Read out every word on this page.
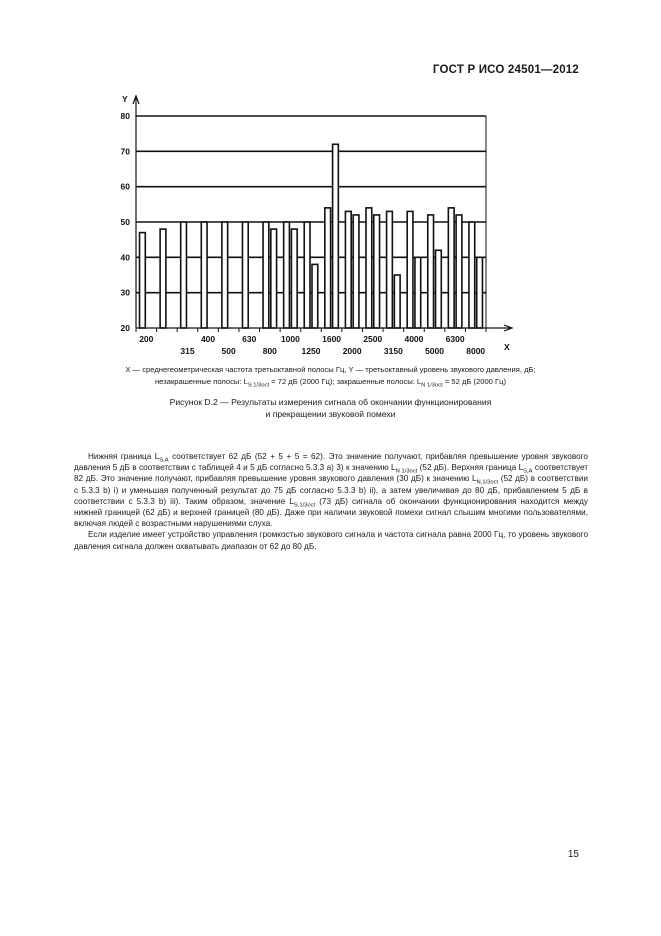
ГОСТ Р ИСО 24501—2012
20
30
40
50
60
70
80
200	400	630	1000	1600	2500	4000	6300
315	500	800	1250	2000	3150	5000	8000
Y
X
X — среднегеометрическая частота третьоктавной полосы Гц, Y — третьоктавный уровень звукового давления, дБ;
незакрашенные полосы: $L_{S 1/3oct} = 72$ дБ (2000 Гц); закрашенные полосы: $L_{N 1/3oct} = 52$ дБ (2000 Гц)
Рисунок D.2 — Результаты измерения сигнала об окончании функционирования
и прекращении звуковой помехи

Нижняя граница $L_{S,A}$ соответствует 62 дБ (52 + 5 + 5 = 62). Это значение получают, прибавляя превышение уровня звукового давления 5 дБ в соответствии с таблицей 4 и 5 дБ согласно 5.3.3 а) 3) к значению $L_{N 1/3oct}$ (52 дБ). Верхняя граница $L_{S,A}$ соответствует 82 дБ. Это значение получают, прибавляя превышение уровня звукового давления (30 дБ) к значению $L_{N,1/3oct}$ (52 дБ) в соответствии с 5.3.3 b) i) и уменьшая полученный результат до 75 дБ согласно 5.3.3 b) ii), а затем увеличивая до 80 дБ, прибавлением 5 дБ в соответствии с 5.3.3 b) iii). Таким образом, значение $L_{S,1/3oct}$ (73 дБ) сигнала об окончании функционирования находится между нижней границей (62 дБ) и верхней границей (80 дБ). Даже при наличии звуковой помехи сигнал слышим многими пользователями, включая людей с возрастными нарушениями слуха.

Если изделие имеет устройство управления громкостью звукового сигнала и частота сигнала равна 2000 Гц, то уровень звукового давления сигнала должен охватывать диапазон от 62 до 80 дБ.

15
